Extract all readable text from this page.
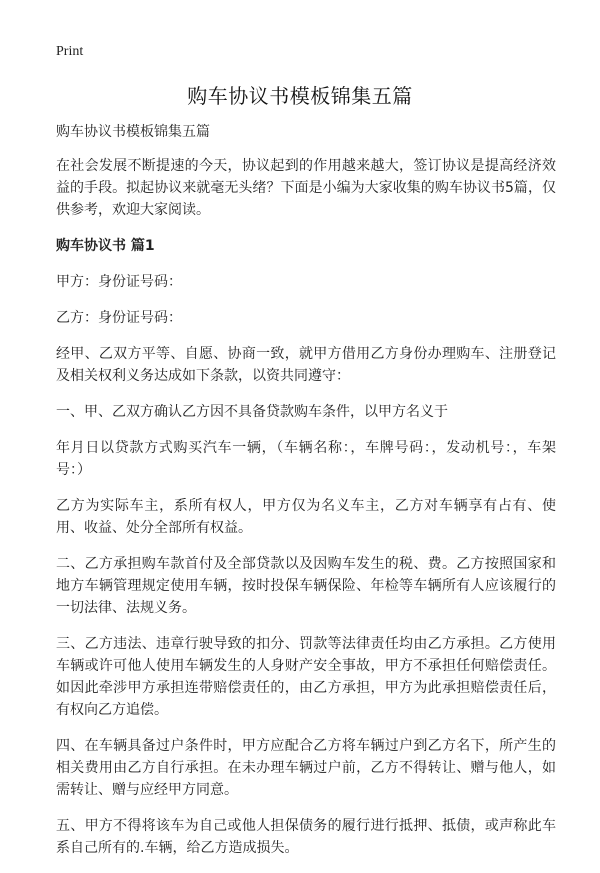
Print
购车协议书模板锦集五篇

购车协议书模板锦集五篇

在社会发展不断提速的今天，协议起到的作用越来越大，签订协议是提高经济效益的手段。拟起协议来就毫无头绪？下面是小编为大家收集的购车协议书5篇，仅供参考，欢迎大家阅读。

购车协议书 篇1

甲方：身份证号码：

乙方：身份证号码：

经甲、乙双方平等、自愿、协商一致，就甲方借用乙方身份办理购车、注册登记及相关权利义务达成如下条款，以资共同遵守：

一、甲、乙双方确认乙方因不具备贷款购车条件，以甲方名义于

年月日以贷款方式购买汽车一辆，（车辆名称：，车牌号码：，发动机号：，车架号：）

乙方为实际车主，系所有权人，甲方仅为名义车主，乙方对车辆享有占有、使用、收益、处分全部所有权益。

二、乙方承担购车款首付及全部贷款以及因购车发生的税、费。乙方按照国家和地方车辆管理规定使用车辆，按时投保车辆保险、年检等车辆所有人应该履行的一切法律、法规义务。

三、乙方违法、违章行驶导致的扣分、罚款等法律责任均由乙方承担。乙方使用车辆或许可他人使用车辆发生的人身财产安全事故，甲方不承担任何赔偿责任。如因此牵涉甲方承担连带赔偿责任的，由乙方承担，甲方为此承担赔偿责任后，有权向乙方追偿。

四、在车辆具备过户条件时，甲方应配合乙方将车辆过户到乙方名下，所产生的相关费用由乙方自行承担。在未办理车辆过户前，乙方不得转让、赠与他人，如需转让、赠与应经甲方同意。

五、甲方不得将该车为自己或他人担保债务的履行进行抵押、抵债，或声称此车系自己所有的.车辆，给乙方造成损失。
